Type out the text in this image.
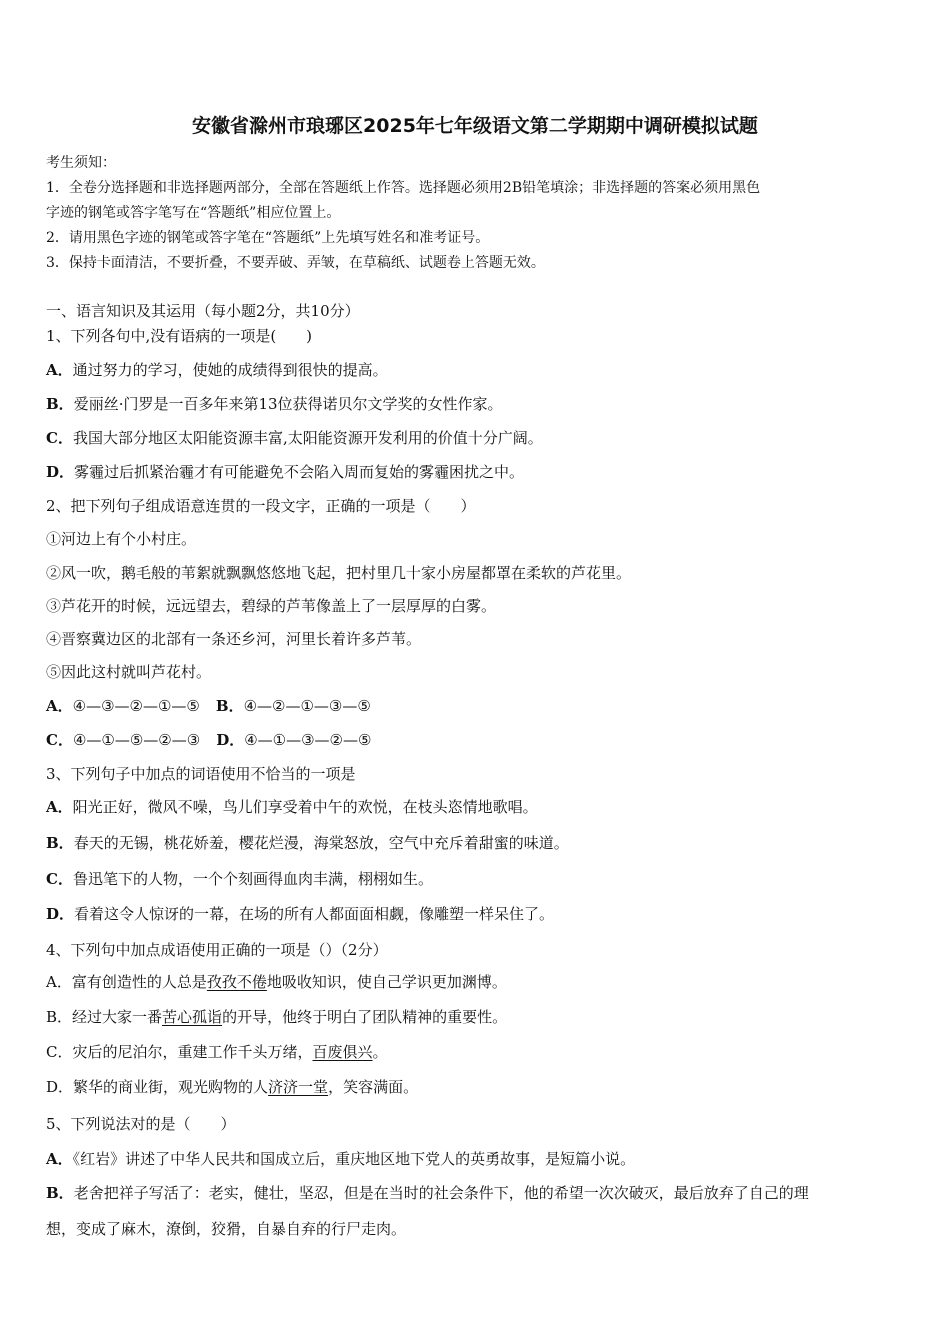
安徽省滁州市琅琊区2025年七年级语文第二学期期中调研模拟试题
考生须知：
1．全卷分选择题和非选择题两部分，全部在答题纸上作答。选择题必须用2B铅笔填涂；非选择题的答案必须用黑色
字迹的钢笔或答字笔写在“答题纸”相应位置上。
2．请用黑色字迹的钢笔或答字笔在“答题纸”上先填写姓名和准考证号。
3．保持卡面清洁，不要折叠，不要弄破、弄皱，在草稿纸、试题卷上答题无效。
一、语言知识及其运用（每小题2分，共10分）
1、下列各句中,没有语病的一项是(　　)
A．通过努力的学习，使她的成绩得到很快的提高。
B．爱丽丝·门罗是一百多年来第13位获得诺贝尔文学奖的女性作家。
C．我国大部分地区太阳能资源丰富,太阳能资源开发利用的价值十分广阔。
D．雾霾过后抓紧治霾才有可能避免不会陷入周而复始的雾霾困扰之中。
2、把下列句子组成语意连贯的一段文字，正确的一项是（　　）
①河边上有个小村庄。
②风一吹，鹅毛般的苇絮就飘飘悠悠地飞起，把村里几十家小房屋都罩在柔软的芦花里。
③芦花开的时候，远远望去，碧绿的芦苇像盖上了一层厚厚的白雾。
④晋察冀边区的北部有一条还乡河，河里长着许多芦苇。
⑤因此这村就叫芦花村。
A．④—③—②—①—⑤ B．④—②—①—③—⑤
C．④—①—⑤—②—③ D．④—①—③—②—⑤
3、下列句子中加点的词语使用不恰当的一项是
A．阳光正好，微风不噪，鸟儿们享受着中午的欢悦，在枝头恣情地歌唱。
B．春天的无锡，桃花娇羞，樱花烂漫，海棠怒放，空气中充斥着甜蜜的味道。
C．鲁迅笔下的人物，一个个刻画得血肉丰满，栩栩如生。
D．看着这令人惊讶的一幕，在场的所有人都面面相觑，像雕塑一样呆住了。
4、下列句中加点成语使用正确的一项是（）（2分）
A．富有创造性的人总是孜孜不倦地吸收知识，使自己学识更加渊博。
B．经过大家一番苦心孤诣的开导，他终于明白了团队精神的重要性。
C．灾后的尼泊尔，重建工作千头万绪，百废俱兴。
D．繁华的商业街，观光购物的人济济一堂，笑容满面。
5、下列说法对的是（　　）
A．《红岩》讲述了中华人民共和国成立后，重庆地区地下党人的英勇故事，是短篇小说。
B．老舍把祥子写活了：老实，健壮，坚忍，但是在当时的社会条件下，他的希望一次次破灭，最后放弃了自己的理
想，变成了麻木，潦倒，狡猾，自暴自弃的行尸走肉。
